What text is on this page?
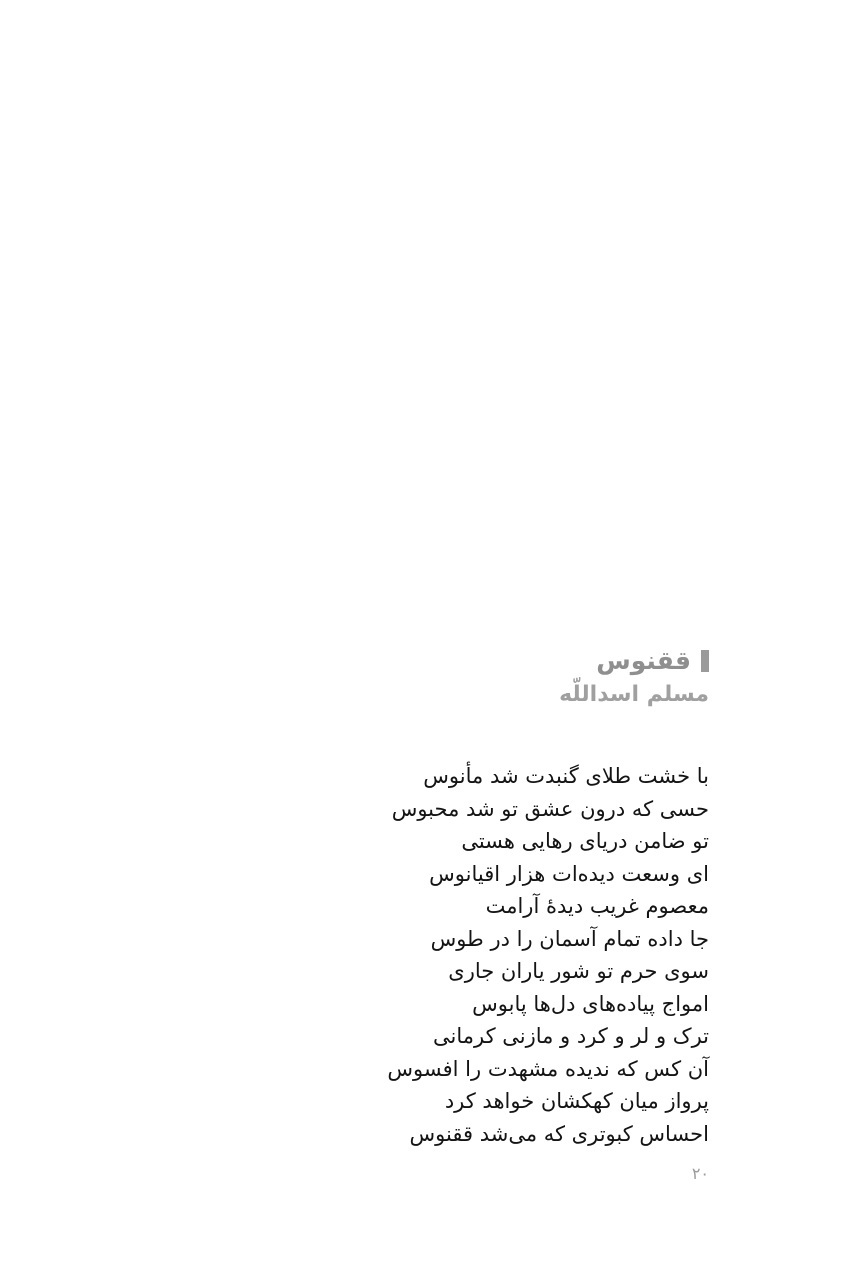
ققنوس
مسلم اسداللّه
با خشت طلای گنبدت شد مأنوس
حسی که درون عشق تو شد محبوس
تو ضامن دریای رهایی هستی
ای وسعت دیده‌ات هزار اقیانوس
معصوم غریب دیدهٔ آرامت
جا داده تمام آسمان را در طوس
سوی حرم تو شور یاران جاری
امواج پیاده‌های دل‌ها پابوس
ترک و لر و کرد و مازنی کرمانی
آن کس که ندیده مشهدت را افسوس
پرواز میان کهکشان خواهد کرد
احساس کبوتری که می‌شد ققنوس
۲۰
